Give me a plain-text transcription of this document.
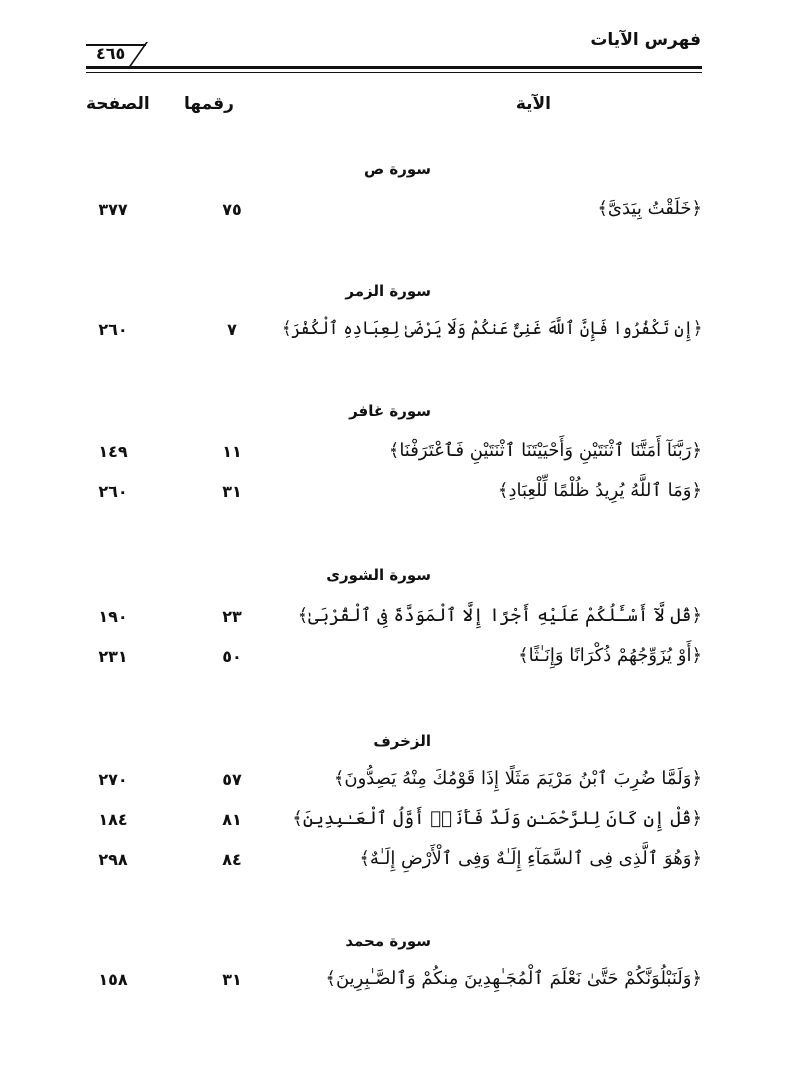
فهرس الآيات
٤٦٥
الآية
رقمها
الصفحة
سورة ص
﴿خَلَقْتُ بِيَدَىَّ﴾
٧٥
٣٧٧
سورة الزمر
﴿إِن تَكْفُرُوا فَإِنَّ ٱللَّهَ غَنِىٌّ عَنكُمْ وَلَا يَرْضَىٰ لِعِبَادِهِ ٱلْكُفْرَ﴾
٧
٢٦٠
سورة غافر
﴿رَبَّنَآ أَمَتَّنَا ٱثْنَتَيْنِ وَأَحْيَيْتَنَا ٱثْنَتَيْنِ فَٱعْتَرَفْنَا﴾
١١
١٤٩
﴿وَمَا ٱللَّهُ يُرِيدُ ظُلْمًا لِّلْعِبَادِ﴾
٣١
٢٦٠
سورة الشورى
﴿قُل لَّآ أَسْـَٔلُكُمْ عَلَيْهِ أَجْرًا إِلَّا ٱلْمَوَدَّةَ فِى ٱلْقُرْبَىٰ﴾
٢٣
١٩٠
﴿أَوْ يُزَوِّجُهُمْ ذُكْرَانًا وَإِنَـٰثًا﴾
٥٠
٢٣١
الزخرف
﴿وَلَمَّا ضُرِبَ ٱبْنُ مَرْيَمَ مَثَلًا إِذَا قَوْمُكَ مِنْهُ يَصِدُّونَ﴾
٥٧
٢٧٠
﴿قُلْ إِن كَانَ لِلرَّحْمَـٰنِ وَلَدٌ فَأَنَا۠ أَوَّلُ ٱلْعَـٰبِدِينَ﴾
٨١
١٨٤
﴿وَهُوَ ٱلَّذِى فِى ٱلسَّمَآءِ إِلَـٰهٌ وَفِى ٱلْأَرْضِ إِلَـٰهٌ﴾
٨٤
٢٩٨
سورة محمد
﴿وَلَنَبْلُوَنَّكُمْ حَتَّىٰ نَعْلَمَ ٱلْمُجَـٰهِدِينَ مِنكُمْ وَٱلصَّـٰبِرِينَ﴾
٣١
١٥٨
